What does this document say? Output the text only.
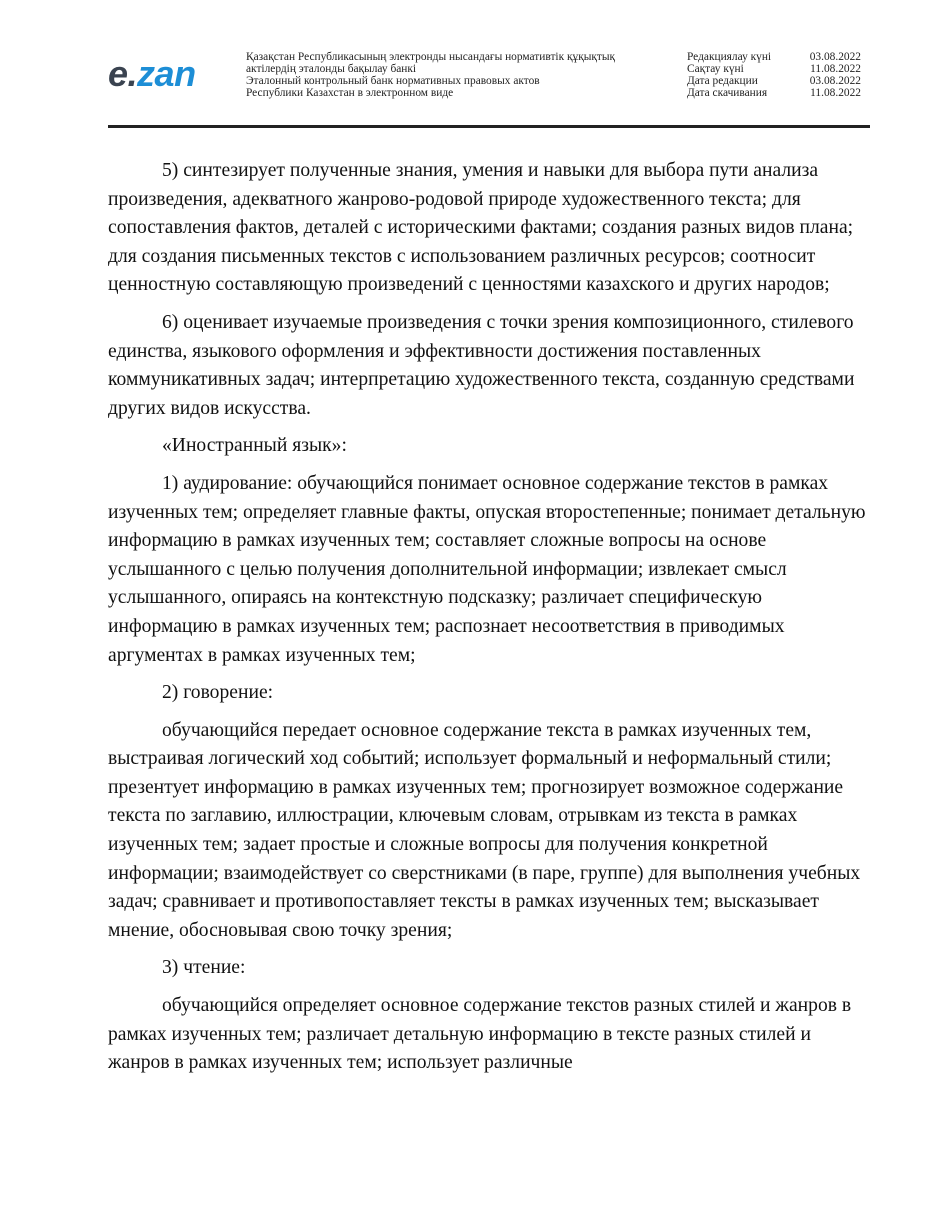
e.zan	Қазақстан Республикасының электронды нысандағы нормативтік құқықтық
актілердің эталонды бақылау банкі
Эталонный контрольный банк нормативных правовых актов
Республики Казахстан в электронном виде
Редакциялау күні	03.08.2022
Сақтау күні	11.08.2022
Дата редакции	03.08.2022
Дата скачивания	11.08.2022

5) синтезирует полученные знания, умения и навыки для выбора пути анализа произведения, адекватного жанрово-родовой природе художественного текста; для сопоставления фактов, деталей с историческими фактами; создания разных видов плана; для создания письменных текстов с использованием различных ресурсов; соотносит ценностную составляющую произведений с ценностями казахского и других народов;

6) оценивает изучаемые произведения с точки зрения композиционного, стилевого единства, языкового оформления и эффективности достижения поставленных коммуникативных задач; интерпретацию художественного текста, созданную средствами других видов искусства.

«Иностранный язык»:

1) аудирование: обучающийся понимает основное содержание текстов в рамках изученных тем; определяет главные факты, опуская второстепенные; понимает детальную информацию в рамках изученных тем; составляет сложные вопросы на основе услышанного с целью получения дополнительной информации; извлекает смысл услышанного, опираясь на контекстную подсказку; различает специфическую информацию в рамках изученных тем; распознает несоответствия в приводимых аргументах в рамках изученных тем;

2) говорение:

обучающийся передает основное содержание текста в рамках изученных тем, выстраивая логический ход событий; использует формальный и неформальный стили; презентует информацию в рамках изученных тем; прогнозирует возможное содержание текста по заглавию, иллюстрации, ключевым словам, отрывкам из текста в рамках изученных тем; задает простые и сложные вопросы для получения конкретной информации; взаимодействует со сверстниками (в паре, группе) для выполнения учебных задач; сравнивает и противопоставляет тексты в рамках изученных тем; высказывает мнение, обосновывая свою точку зрения;

3) чтение:

обучающийся определяет основное содержание текстов разных стилей и жанров в рамках изученных тем; различает детальную информацию в тексте разных стилей и жанров в рамках изученных тем; использует различные
